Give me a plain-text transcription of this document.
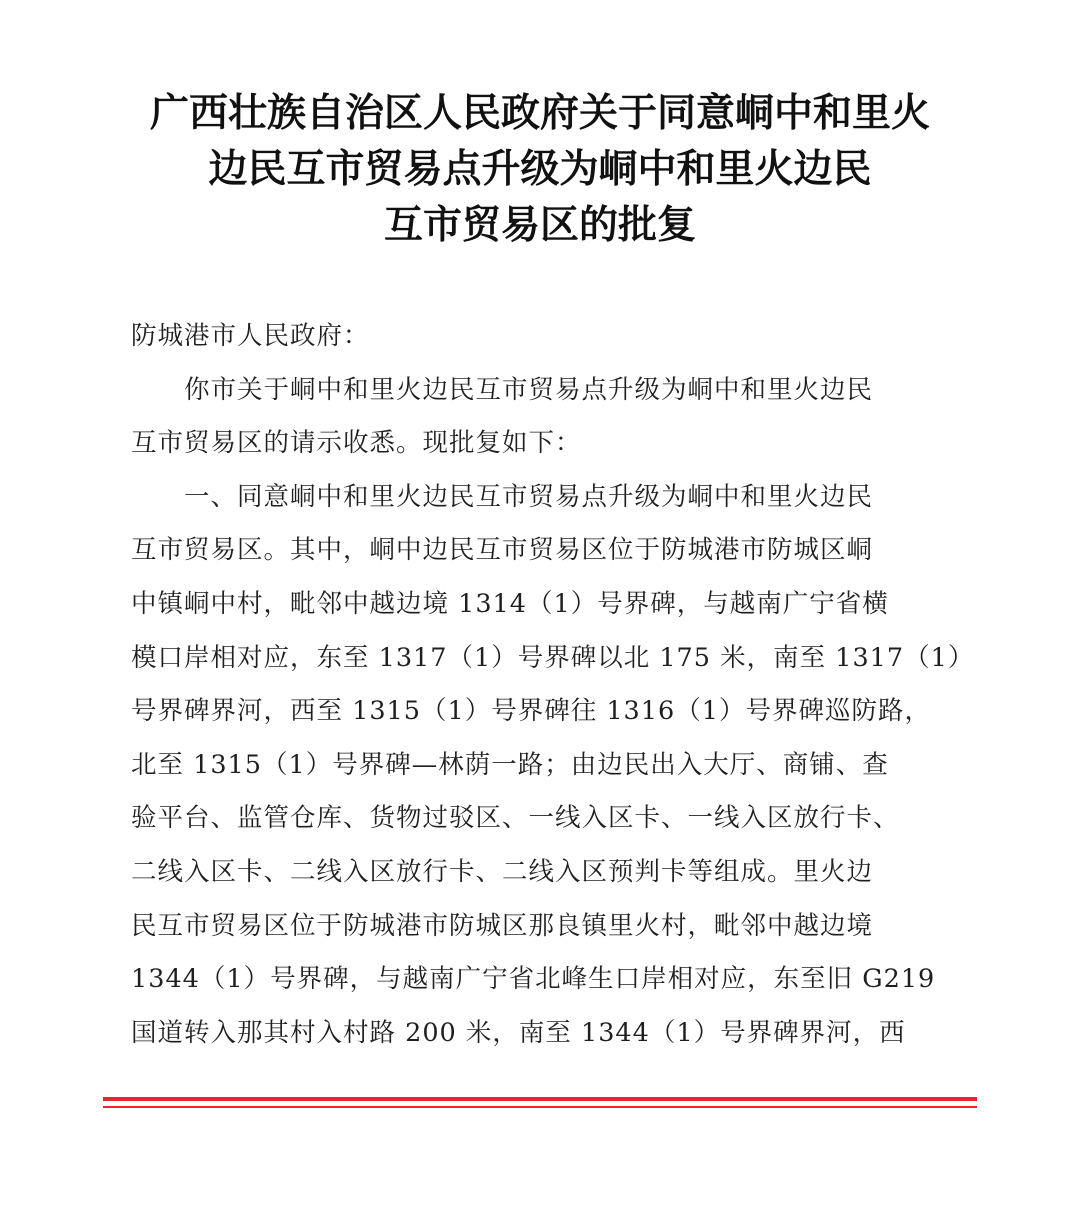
广西壮族自治区人民政府关于同意峒中和里火
边民互市贸易点升级为峒中和里火边民
互市贸易区的批复
防城港市人民政府：
　　你市关于峒中和里火边民互市贸易点升级为峒中和里火边民
互市贸易区的请示收悉。现批复如下：
　　一、同意峒中和里火边民互市贸易点升级为峒中和里火边民
互市贸易区。其中，峒中边民互市贸易区位于防城港市防城区峒
中镇峒中村，毗邻中越边境 1314（1）号界碑，与越南广宁省横
模口岸相对应，东至 1317（1）号界碑以北 175 米，南至 1317（1）
号界碑界河，西至 1315（1）号界碑往 1316（1）号界碑巡防路，
北至 1315（1）号界碑—林荫一路；由边民出入大厅、商铺、查
验平台、监管仓库、货物过驳区、一线入区卡、一线入区放行卡、
二线入区卡、二线入区放行卡、二线入区预判卡等组成。里火边
民互市贸易区位于防城港市防城区那良镇里火村，毗邻中越边境
1344（1）号界碑，与越南广宁省北峰生口岸相对应，东至旧 G219
国道转入那其村入村路 200 米，南至 1344（1）号界碑界河，西
